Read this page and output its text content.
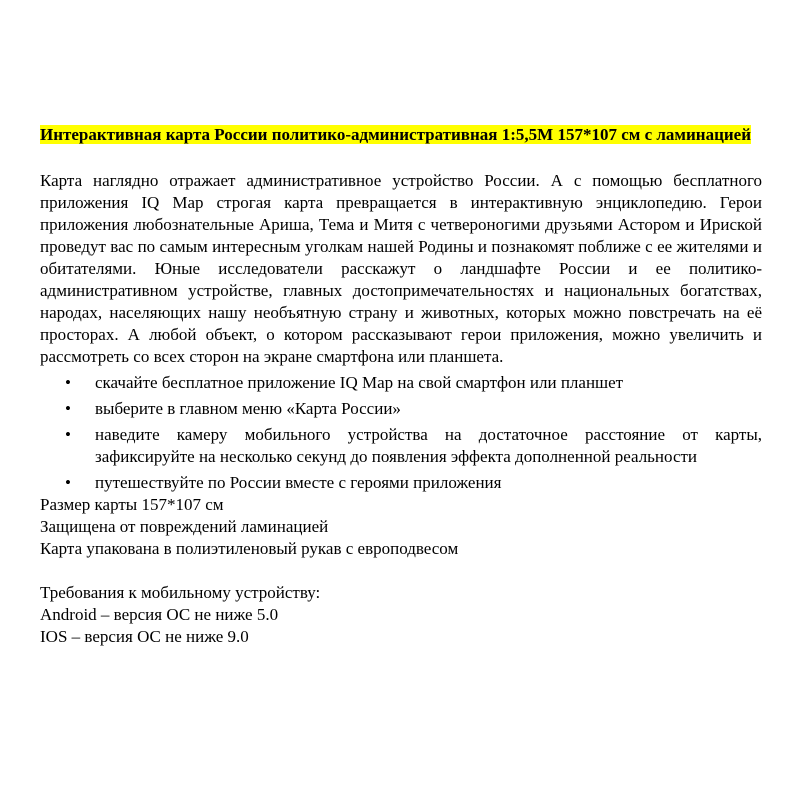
Интерактивная карта России политико-административная 1:5,5М 157*107 см с ламинацией

Карта наглядно отражает административное устройство России. А с помощью бесплатного приложения IQ Map строгая карта превращается в интерактивную энциклопедию. Герои приложения любознательные Ариша, Тема и Митя с четвероногими друзьями Астором и Ириской проведут вас по самым интересным уголкам нашей Родины и познакомят поближе с ее жителями и обитателями. Юные исследователи расскажут о ландшафте России и ее политико-административном устройстве, главных достопримечательностях и национальных богатствах, народах, населяющих нашу необъятную страну и животных, которых можно повстречать на её просторах. А любой объект, о котором рассказывают герои приложения, можно увеличить и рассмотреть со всех сторон на экране смартфона или планшета.

• скачайте бесплатное приложение IQ Map на свой смартфон или планшет
• выберите в главном меню «Карта России»
• наведите камеру мобильного устройства на достаточное расстояние от карты, зафиксируйте на несколько секунд до появления эффекта дополненной реальности
• путешествуйте по России вместе с героями приложения

Размер карты 157*107 см

Защищена от повреждений ламинацией

Карта упакована в полиэтиленовый рукав с европодвесом

Требования к мобильному устройству:

Android – версия ОС не ниже 5.0

IOS – версия ОС не ниже 9.0
